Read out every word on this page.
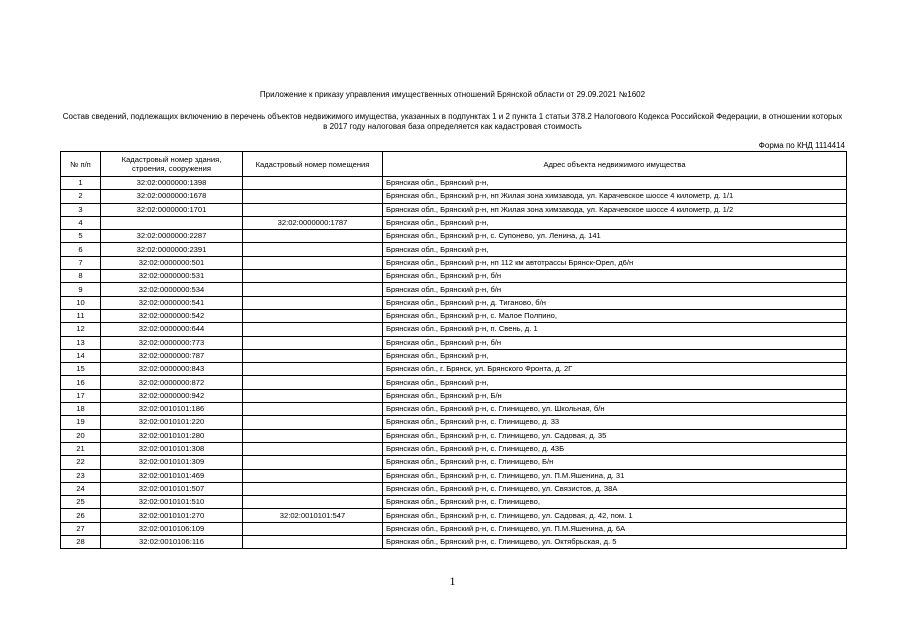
Приложение к приказу управления имущественных отношений Брянской области от 29.09.2021 №1602
Состав сведений, подлежащих включению в перечень объектов недвижимого имущества, указанных в подпунктах 1 и 2 пункта 1 статьи 378.2 Налогового Кодекса Российской Федерации, в отношении которых в 2017 году налоговая база определяется как кадастровая стоимость
Форма по КНД 1114414
№ п/п	Кадастровый номер здания, строения, сооружения	Кадастровый номер помещения	Адрес объекта недвижимого имущества
1	32:02:0000000:1398		Брянская обл., Брянский р-н,
2	32:02:0000000:1678		Брянская обл., Брянский р-н, нп Жилая зона химзавода, ул. Карачевское шоссе 4 километр, д. 1/1
3	32:02:0000000:1701		Брянская обл., Брянский р-н, нп Жилая зона химзавода, ул. Карачевское шоссе 4 километр, д. 1/2
4		32:02:0000000:1787	Брянская обл., Брянский р-н,
5	32:02:0000000:2287		Брянская обл., Брянский р-н, с. Супонево, ул. Ленина, д. 141
6	32:02:0000000:2391		Брянская обл., Брянский р-н,
7	32:02:0000000:501		Брянская обл., Брянский р-н, нп 112 км автотрассы Брянск-Орел, д6/н
8	32:02:0000000:531		Брянская обл., Брянский р-н, б/н
9	32:02:0000000:534		Брянская обл., Брянский р-н, б/н
10	32:02:0000000:541		Брянская обл., Брянский р-н, д. Тиганово, б/н
11	32:02:0000000:542		Брянская обл., Брянский р-н, с. Малое Полпино,
12	32:02:0000000:644		Брянская обл., Брянский р-н, п. Свень, д. 1
13	32:02:0000000:773		Брянская обл., Брянский р-н, б/н
14	32:02:0000000:787		Брянская обл., Брянский р-н,
15	32:02:0000000:843		Брянская обл., г. Брянск, ул. Брянского Фронта, д. 2Г
16	32:02:0000000:872		Брянская обл., Брянский р-н,
17	32:02:0000000:942		Брянская обл., Брянский р-н, Б/н
18	32:02:0010101:186		Брянская обл., Брянский р-н, с. Глинищево, ул. Школьная, б/н
19	32:02:0010101:220		Брянская обл., Брянский р-н, с. Глинищево, д. 33
20	32:02:0010101:280		Брянская обл., Брянский р-н, с. Глинищево, ул. Садовая, д. 35
21	32:02:0010101:308		Брянская обл., Брянский р-н, с. Глинищево, д. 43Б
22	32:02:0010101:309		Брянская обл., Брянский р-н, с. Глинищево, Б/н
23	32:02:0010101:469		Брянская обл., Брянский р-н, с. Глинищево, ул. П.М.Яшенина, д. 31
24	32:02:0010101:507		Брянская обл., Брянский р-н, с. Глинищево, ул. Связистов, д. 38А
25	32:02:0010101:510		Брянская обл., Брянский р-н, с. Глинищево,
26	32:02:0010101:270	32:02:0010101:547	Брянская обл., Брянский р-н, с. Глинищево, ул. Садовая, д. 42, пом. 1
27	32:02:0010106:109		Брянская обл., Брянский р-н, с. Глинищево, ул. П.М.Яшенина, д. 6А
28	32:02:0010106:116		Брянская обл., Брянский р-н, с. Глинищево, ул. Октябрьская, д. 5
1
